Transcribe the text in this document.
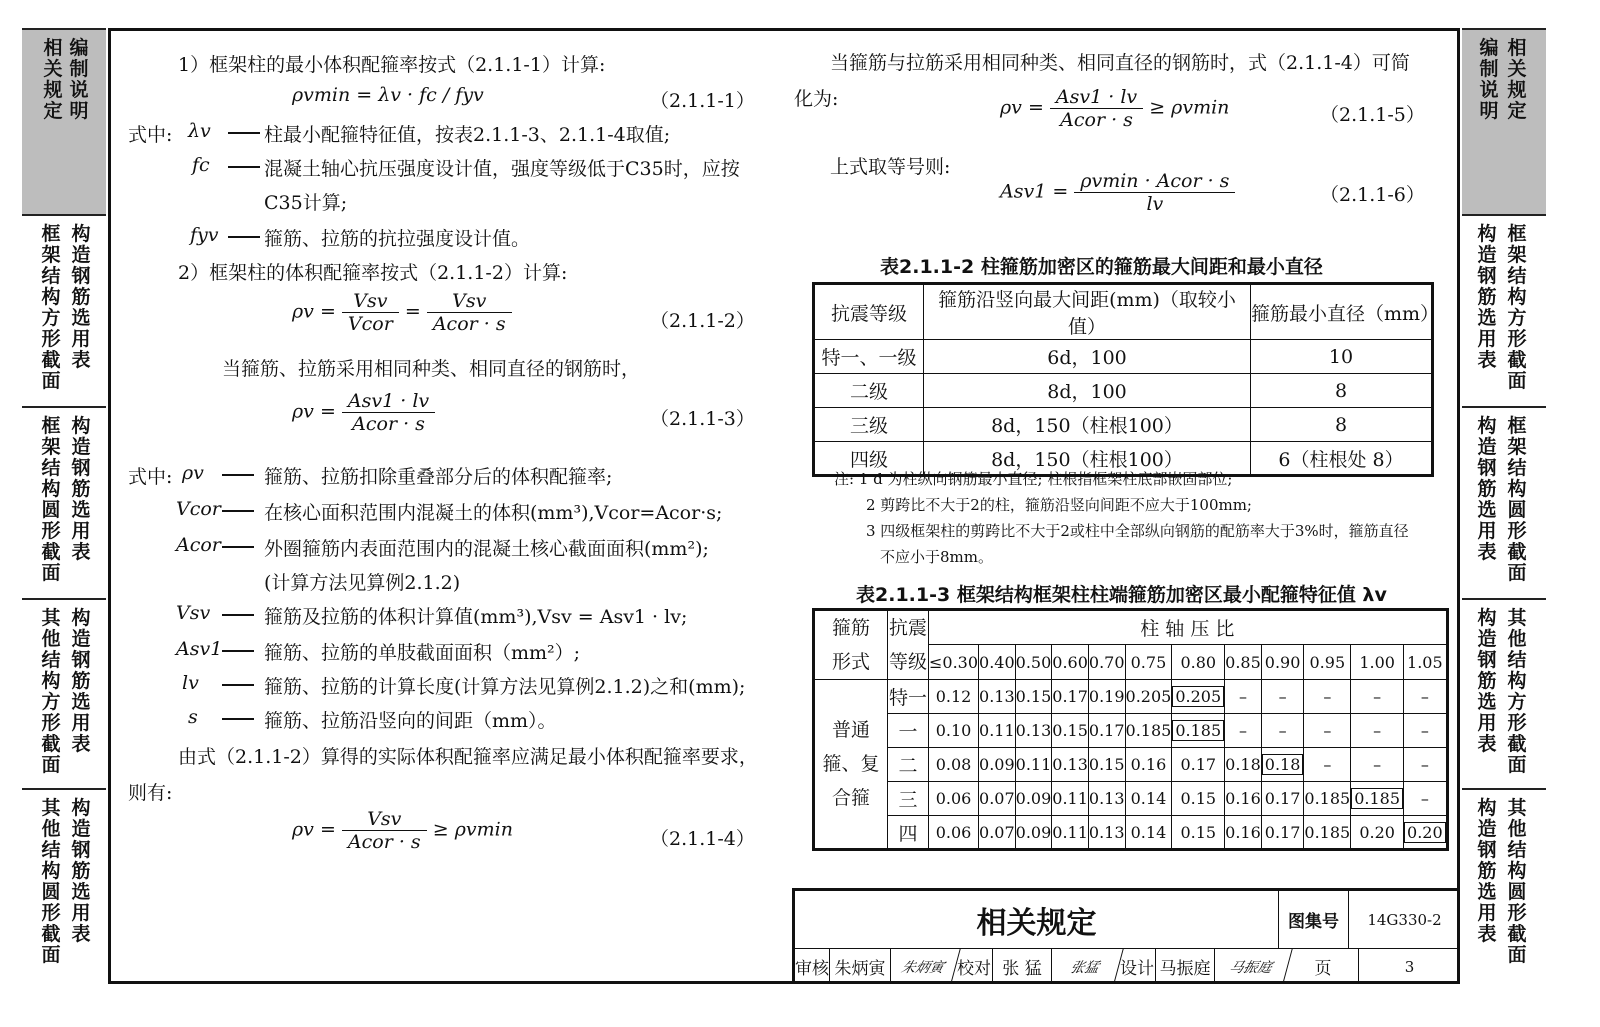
相关规定
编制说明
框架结构方形截面
构造钢筋选用表
框架结构圆形截面
构造钢筋选用表
其他结构方形截面
构造钢筋选用表
其他结构圆形截面
构造钢筋选用表
编制说明
相关规定
构造钢筋选用表
框架结构方形截面
构造钢筋选用表
框架结构圆形截面
构造钢筋选用表
其他结构方形截面
构造钢筋选用表
其他结构圆形截面
1）框架柱的最小体积配箍率按式（2.1.1-1）计算:
ρvmin = λv · fc / fyv	（2.1.1-1）
式中: λv	柱最小配箍特征值，按表2.1.1-3、2.1.1-4取值;
fc	混凝土轴心抗压强度设计值，强度等级低于C35时，应按
C35计算;
fyv 箍筋、拉筋的抗拉强度设计值。
2）框架柱的体积配箍率按式（2.1.1-2）计算:
$\rho v = \frac{\text{Vsv}}{\text{Vcor}} = \frac{\text{Vsv}}{\text{Acor · s}}$	（2.1.1-2）
当箍筋、拉筋采用相同种类、相同直径的钢筋时，
$\rho v = \frac{\text{Asv1 · lv}}{\text{Acor · s}}$	（2.1.1-3）
式中: ρv	箍筋、拉筋扣除重叠部分后的体积配箍率;
Vcor 在核心面积范围内混凝土的体积(mm³),Vcor=Acor·s;
Acor 外圈箍筋内表面范围内的混凝土核心截面面积(mm²);
(计算方法见算例2.1.2)
Vsv	箍筋及拉筋的体积计算值(mm³),Vsv = Asv1 · lv;
Asv1 箍筋、拉筋的单肢截面面积（mm²）;
lv	箍筋、拉筋的计算长度(计算方法见算例2.1.2)之和(mm);
s	箍筋、拉筋沿竖向的间距（mm）。
由式（2.1.1-2）算得的实际体积配箍率应满足最小体积配箍率要求，
则有:
$\rho v = \frac{\text{Vsv}}{\text{Acor · s}} \ge \rho vmin$	（2.1.1-4）
当箍筋与拉筋采用相同种类、相同直径的钢筋时，式（2.1.1-4）可简
化为:	$\rho v = \frac{\text{Asv1 · lv}}{\text{Acor · s}} \ge \rho vmin$	（2.1.1-5）
上式取等号则:
$Asv1 = \frac{\text{ρvmin · Acor · s}}{lv}$	（2.1.1-6）
表2.1.1-2 柱箍筋加密区的箍筋最大间距和最小直径
抗震等级	箍筋沿竖向最大间距(mm)（取较小值）	箍筋最小直径（mm）
特一、一级	6d，100	10
二级	8d，100	8
三级	8d，150（柱根100）	8
四级	8d，150（柱根100）	6（柱根处 8）
注: 1 d 为柱纵向钢筋最小直径; 柱根指框架柱底部嵌固部位;
2 剪跨比不大于2的柱，箍筋沿竖向间距不应大于100mm;
3 四级框架柱的剪跨比不大于2或柱中全部纵向钢筋的配筋率大于3%时，箍筋直径
不应小于8mm。
表2.1.1-3 框架结构框架柱柱端箍筋加密区最小配箍特征值 λv
箍筋形式	抗震等级	柱 轴 压 比											
		≤0.30	0.40	0.50	0.60	0.70	0.75	0.80	0.85	0.90	0.95	1.00	1.05
普通箍、复合箍	特一	0.12	0.13	0.15	0.17	0.19	0.205	0.205	–	–	–	–	–
	一	0.10	0.11	0.13	0.15	0.17	0.185	0.185	–	–	–	–	–
	二	0.08	0.09	0.11	0.13	0.15	0.16	0.17	0.18	0.18	–	–	–
	三	0.06	0.07	0.09	0.11	0.13	0.14	0.15	0.16	0.17	0.185	0.185	–
	四	0.06	0.07	0.09	0.11	0.13	0.14	0.15	0.16	0.17	0.185	0.20	0.20
相关规定	图集号	14G330-2
审核 朱炳寅	朱炳寅 校对 张 猛	张猛	设计 马振庭	马振庭	页	3
